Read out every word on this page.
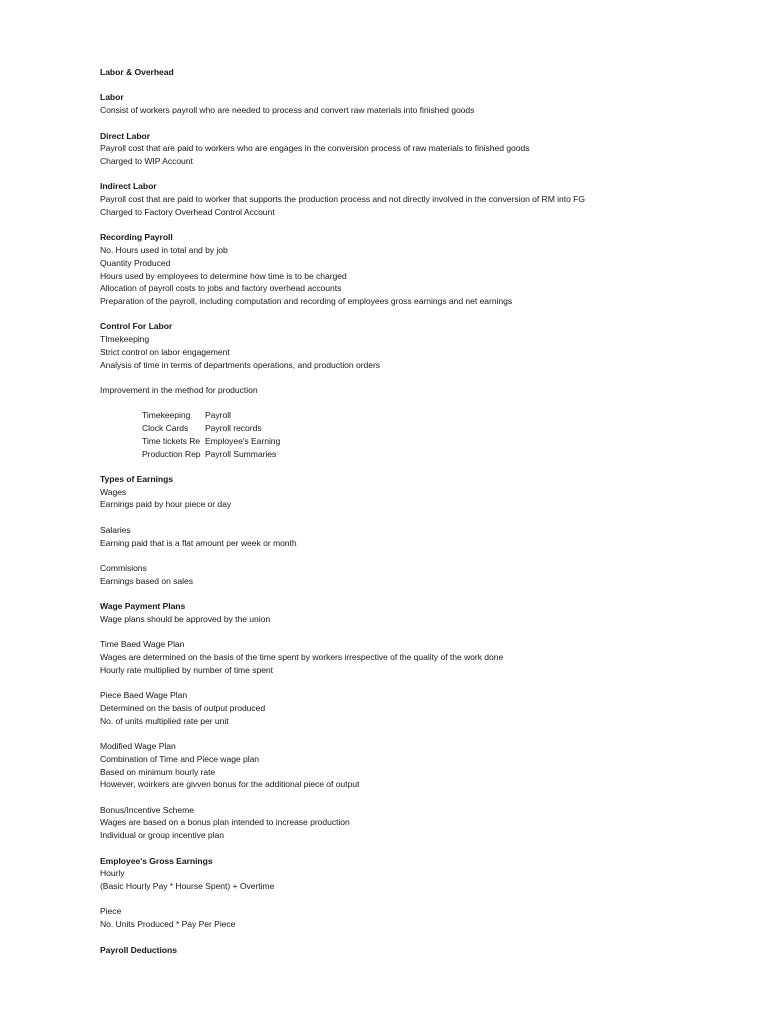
Labor & Overhead
Labor
Consist of workers payroll who are needed to process and convert raw materials into finished goods
Direct Labor
Payroll cost that are paid to workers who are engages in the conversion process of raw materials to finished goods
Charged to WIP Account
Indirect Labor
Payroll cost that are paid to worker that supports the production process and not directly involved in the conversion of RM into FG
Charged to Factory Overhead Control Account
Recording Payroll
No. Hours used in total and by job
Quantity Produced
Hours used by employees to determine how time is to be charged
Allocation of payroll costs to jobs and factory overhead accounts
Preparation of the payroll, including computation and recording of employees gross earnings and net earnings
Control For Labor
TImekeeping
Strict control on labor engagement
Analysis of time in terms of departments operations, and production orders
Improvement in the method for production
Timekeeping	Payroll
Clock Cards	Payroll records
Time tickets Re Employee's Earning
Production Rep Payroll Summaries
Types of Earnings
Wages
Earnings paid by hour piece or day
Salaries
Earning paid that is a flat amount per week or month
Commisions
Earnings based on sales
Wage Payment Plans
Wage plans should be approved by the union
Time Baed Wage Plan
Wages are determined on the basis of the time spent by workers irrespective of the quality of the work done
Hourly rate multiplied by number of time spent
Piece Baed Wage Plan
Determined on the basis of output produced
No. of units multiplied rate per unit
Modified Wage Plan
Combination of Time and Piece wage plan
Based on minimum hourly rate
However, woirkers are givven bonus for the additional piece of output
Bonus/Incentive Scheme
Wages are based on a bonus plan intended to increase production
Individual or group incentive plan
Employee's Gross Earnings
Hourly
(Basic Hourly Pay * Hourse Spent) + Overtime
Piece
No. Units Produced * Pay Per Piece
Payroll Deductions
